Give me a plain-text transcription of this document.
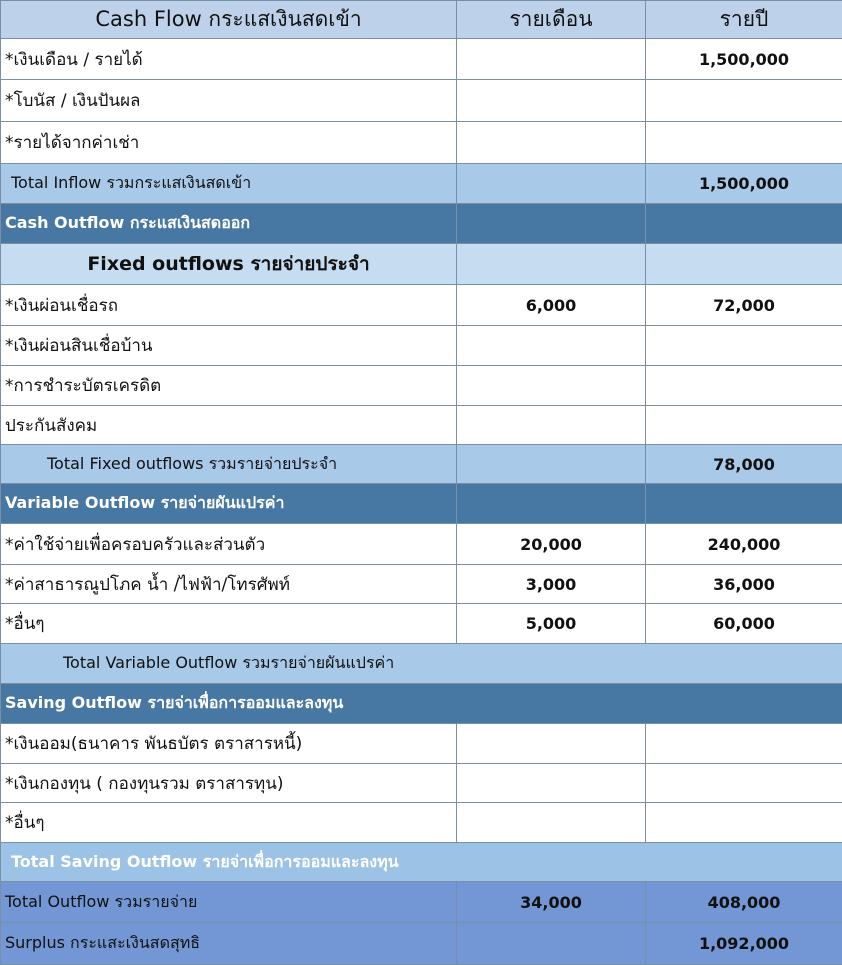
Cash Flow กระแสเงินสดเข้า	รายเดือน	รายปี
*เงินเดือน / รายได้		1,500,000
*โบนัส / เงินปันผล		
*รายได้จากค่าเช่า		
Total Inflow รวมกระแสเงินสดเข้า		1,500,000
Cash Outflow กระแสเงินสดออก		
Fixed outflows รายจ่ายประจำ		
*เงินผ่อนเชื่อรถ	6,000	72,000
*เงินผ่อนสินเชื่อบ้าน		
*การชำระบัตรเครดิต		
ประกันสังคม		
Total Fixed outflows รวมรายจ่ายประจำ		78,000
Variable Outflow รายจ่ายผันแปรค่า		
*ค่าใช้จ่ายเพื่อครอบครัวและส่วนตัว	20,000	240,000
*ค่าสาธารณูปโภค น้ำ /ไฟฟ้า/โทรศัพท์	3,000	36,000
*อื่นๆ	5,000	60,000
Total Variable Outflow รวมรายจ่ายผันแปรค่า		
Saving Outflow รายจ่าเพื่อการออมและลงทุน		
*เงินออม(ธนาคาร พันธบัตร ตราสารหนี้)		
*เงินกองทุน ( กองทุนรวม ตราสารทุน)		
*อื่นๆ		
Total Saving Outflow รายจ่าเพื่อการออมและลงทุน		
Total Outflow รวมรายจ่าย	34,000	408,000
Surplus กระแสะเงินสดสุทธิ		1,092,000
